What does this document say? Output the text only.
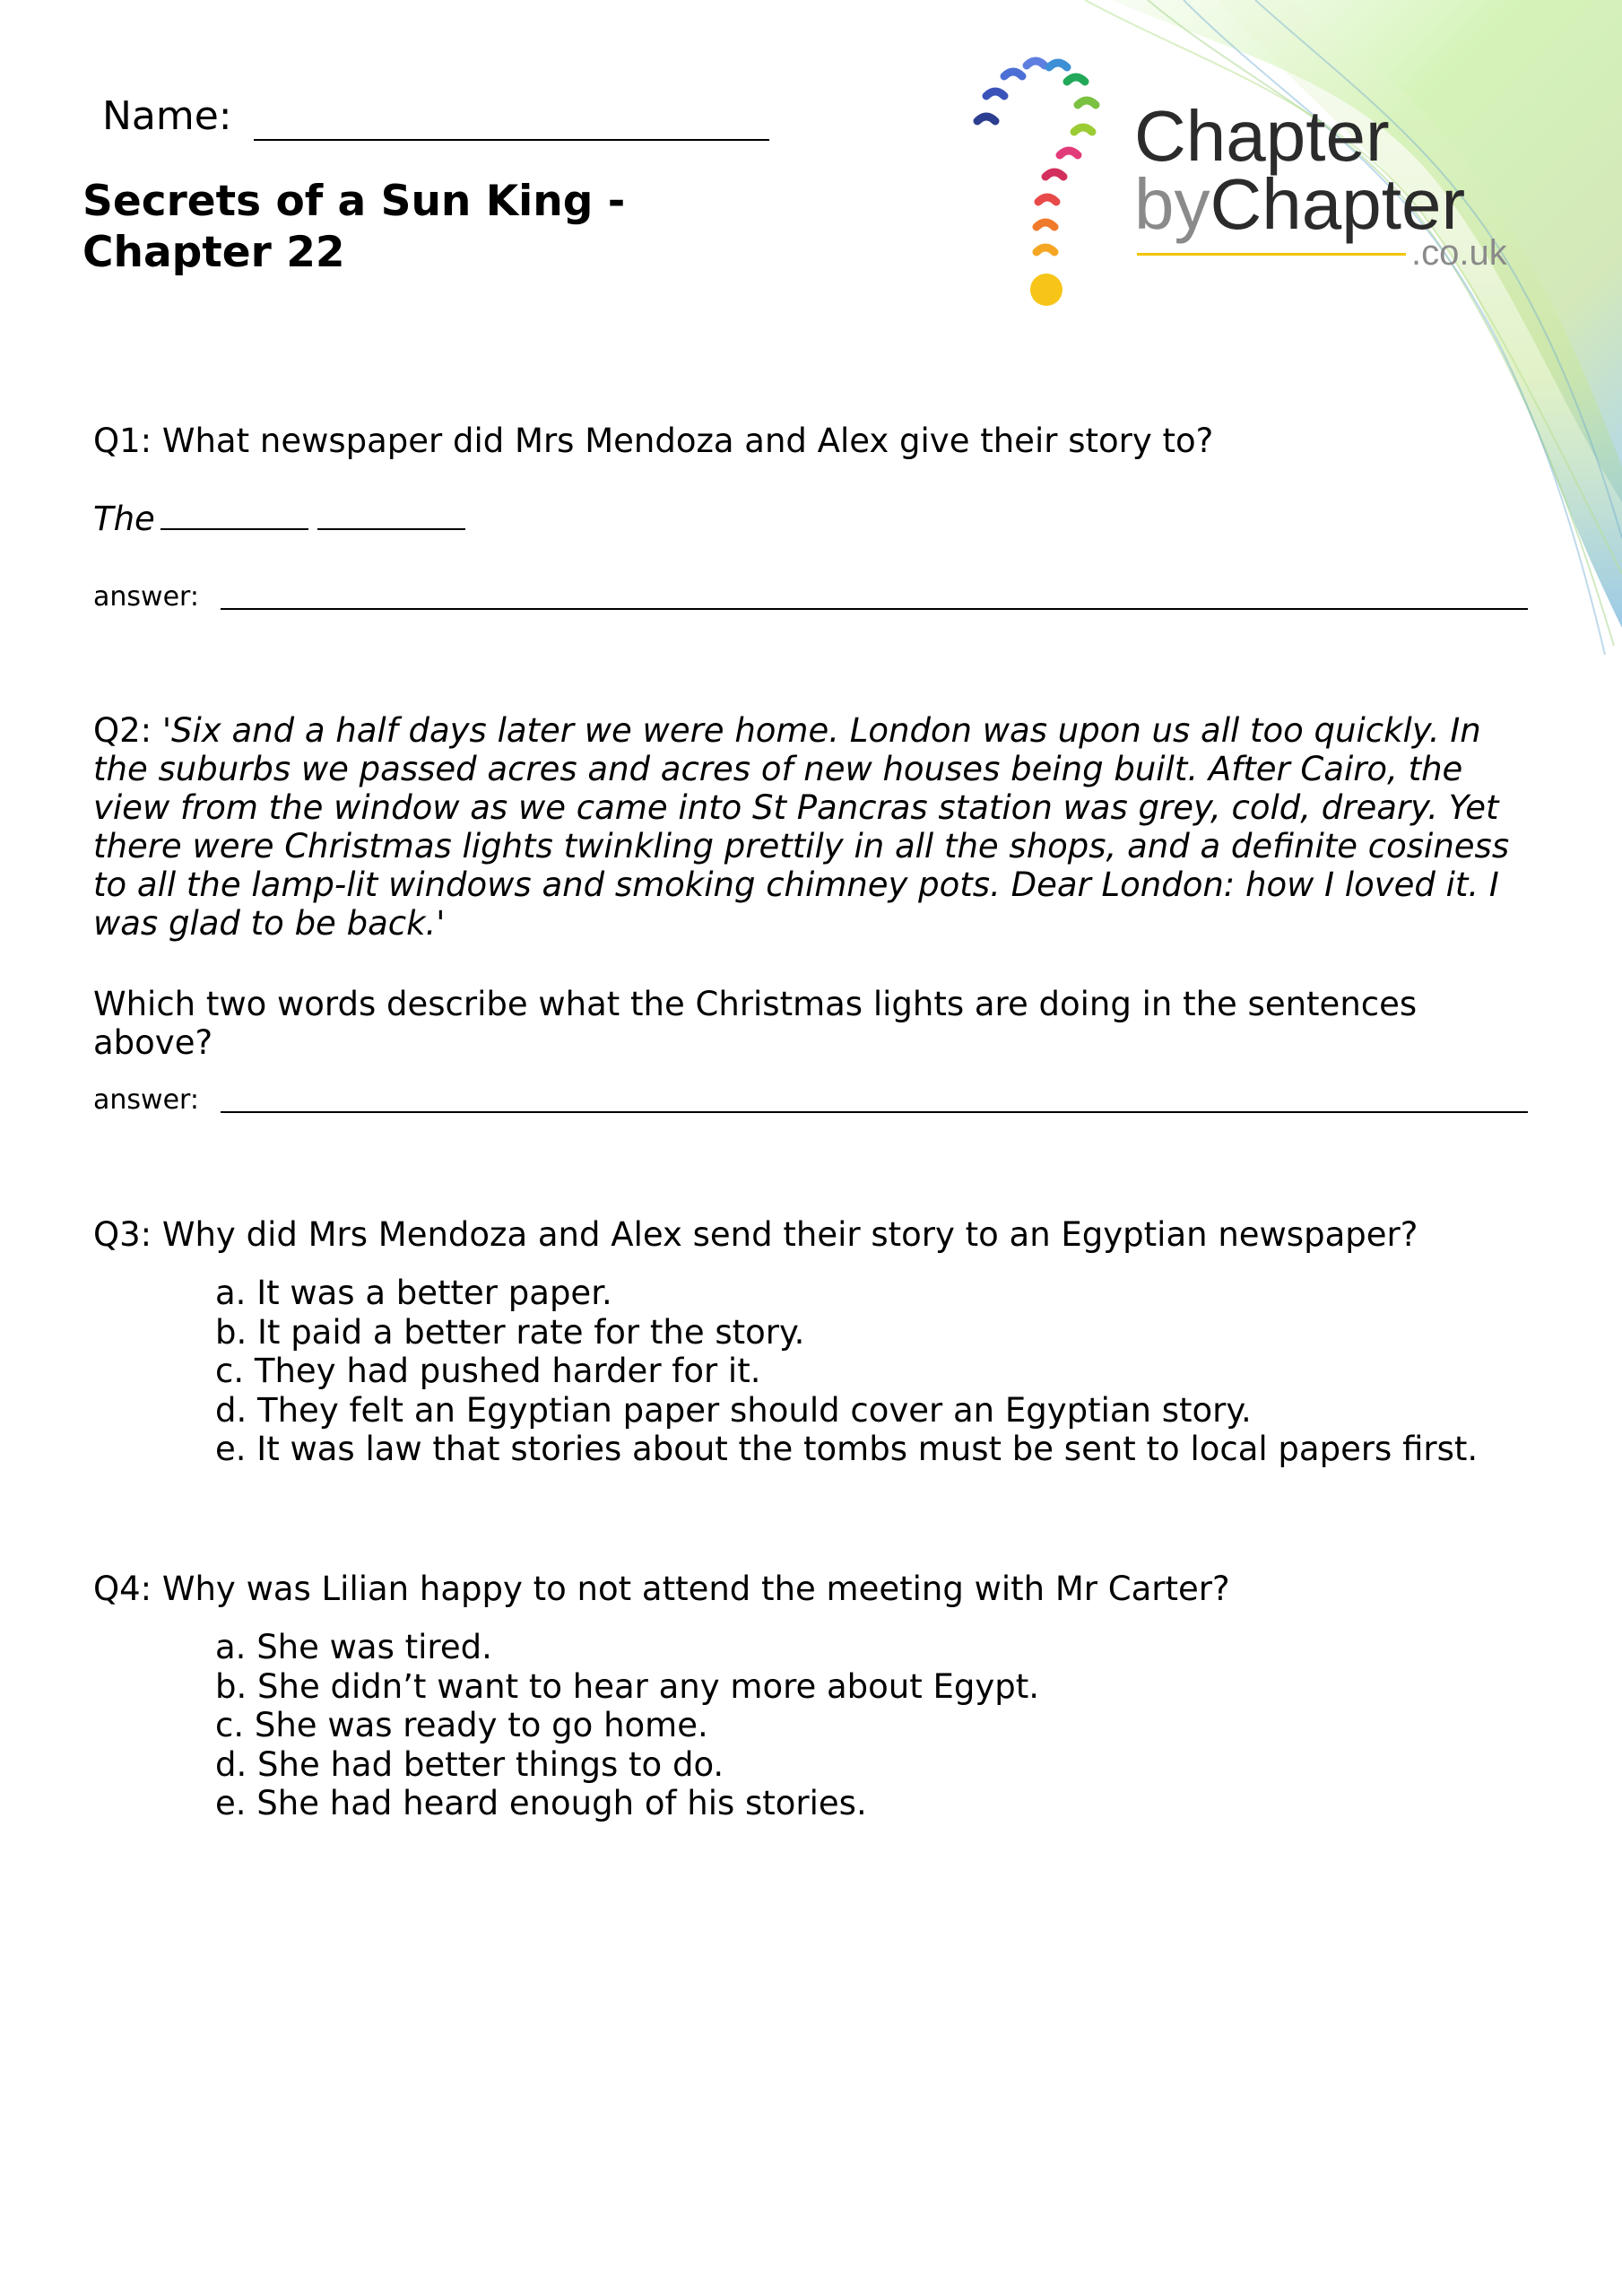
Chapter
byChapter
.co.uk
Name:
Secrets of a Sun King - Chapter 22

Q1: What newspaper did Mrs Mendoza and Alex give their story to?

The
answer:

Q2: 'Six and a half days later we were home. London was upon us all too quickly. In the suburbs we passed acres and acres of new houses being built. After Cairo, the view from the window as we came into St Pancras station was grey, cold, dreary. Yet there were Christmas lights twinkling prettily in all the shops, and a definite cosiness to all the lamp-lit windows and smoking chimney pots. Dear London: how I loved it. I was glad to be back.'

Which two words describe what the Christmas lights are doing in the sentences above?

answer:

Q3: Why did Mrs Mendoza and Alex send their story to an Egyptian newspaper?

a. It was a better paper.
b. It paid a better rate for the story.
c. They had pushed harder for it.
d. They felt an Egyptian paper should cover an Egyptian story.
e. It was law that stories about the tombs must be sent to local papers first.

Q4: Why was Lilian happy to not attend the meeting with Mr Carter?

a. She was tired.
b. She didn’t want to hear any more about Egypt.
c. She was ready to go home.
d. She had better things to do.
e. She had heard enough of his stories.
